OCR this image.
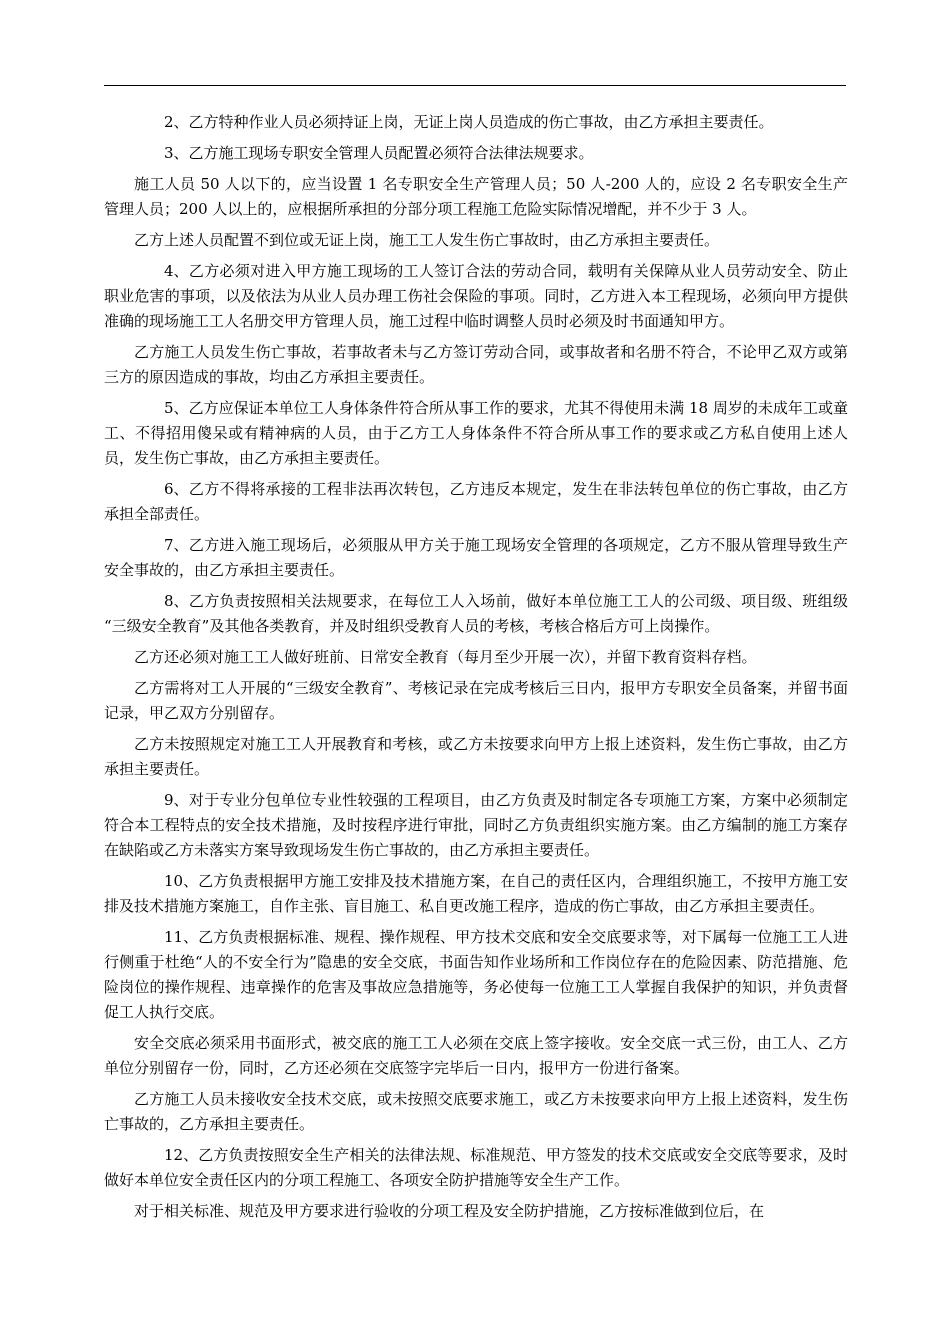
2、乙方特种作业人员必须持证上岗，无证上岗人员造成的伤亡事故，由乙方承担主要责任。

3、乙方施工现场专职安全管理人员配置必须符合法律法规要求。

施工人员 50 人以下的，应当设置 1 名专职安全生产管理人员；50 人-200 人的，应设 2 名专职安全生产管理人员；200 人以上的，应根据所承担的分部分项工程施工危险实际情况增配，并不少于 3 人。

乙方上述人员配置不到位或无证上岗，施工工人发生伤亡事故时，由乙方承担主要责任。

4、乙方必须对进入甲方施工现场的工人签订合法的劳动合同，载明有关保障从业人员劳动安全、防止职业危害的事项，以及依法为从业人员办理工伤社会保险的事项。同时，乙方进入本工程现场，必须向甲方提供准确的现场施工工人名册交甲方管理人员，施工过程中临时调整人员时必须及时书面通知甲方。

乙方施工人员发生伤亡事故，若事故者未与乙方签订劳动合同，或事故者和名册不符合，不论甲乙双方或第三方的原因造成的事故，均由乙方承担主要责任。

5、乙方应保证本单位工人身体条件符合所从事工作的要求，尤其不得使用未满 18 周岁的未成年工或童工、不得招用傻呆或有精神病的人员，由于乙方工人身体条件不符合所从事工作的要求或乙方私自使用上述人员，发生伤亡事故，由乙方承担主要责任。

6、乙方不得将承接的工程非法再次转包，乙方违反本规定，发生在非法转包单位的伤亡事故，由乙方承担全部责任。

7、乙方进入施工现场后，必须服从甲方关于施工现场安全管理的各项规定，乙方不服从管理导致生产安全事故的，由乙方承担主要责任。

8、乙方负责按照相关法规要求，在每位工人入场前，做好本单位施工工人的公司级、项目级、班组级 “三级安全教育”及其他各类教育，并及时组织受教育人员的考核，考核合格后方可上岗操作。

乙方还必须对施工工人做好班前、日常安全教育（每月至少开展一次），并留下教育资料存档。

乙方需将对工人开展的“三级安全教育”、考核记录在完成考核后三日内，报甲方专职安全员备案，并留书面记录，甲乙双方分别留存。

乙方未按照规定对施工工人开展教育和考核，或乙方未按要求向甲方上报上述资料，发生伤亡事故，由乙方承担主要责任。

9、对于专业分包单位专业性较强的工程项目，由乙方负责及时制定各专项施工方案，方案中必须制定符合本工程特点的安全技术措施，及时按程序进行审批，同时乙方负责组织实施方案。由乙方编制的施工方案存在缺陷或乙方未落实方案导致现场发生伤亡事故的，由乙方承担主要责任。

10、乙方负责根据甲方施工安排及技术措施方案，在自己的责任区内，合理组织施工，不按甲方施工安排及技术措施方案施工，自作主张、盲目施工、私自更改施工程序，造成的伤亡事故，由乙方承担主要责任。

11、乙方负责根据标准、规程、操作规程、甲方技术交底和安全交底要求等，对下属每一位施工工人进行侧重于杜绝“人的不安全行为”隐患的安全交底，书面告知作业场所和工作岗位存在的危险因素、防范措施、危险岗位的操作规程、违章操作的危害及事故应急措施等，务必使每一位施工工人掌握自我保护的知识，并负责督促工人执行交底。

安全交底必须采用书面形式，被交底的施工工人必须在交底上签字接收。安全交底一式三份，由工人、乙方单位分别留存一份，同时，乙方还必须在交底签字完毕后一日内，报甲方一份进行备案。

乙方施工人员未接收安全技术交底，或未按照交底要求施工，或乙方未按要求向甲方上报上述资料，发生伤亡事故的，乙方承担主要责任。

12、乙方负责按照安全生产相关的法律法规、标准规范、甲方签发的技术交底或安全交底等要求，及时做好本单位安全责任区内的分项工程施工、各项安全防护措施等安全生产工作。

对于相关标准、规范及甲方要求进行验收的分项工程及安全防护措施，乙方按标准做到位后，在
